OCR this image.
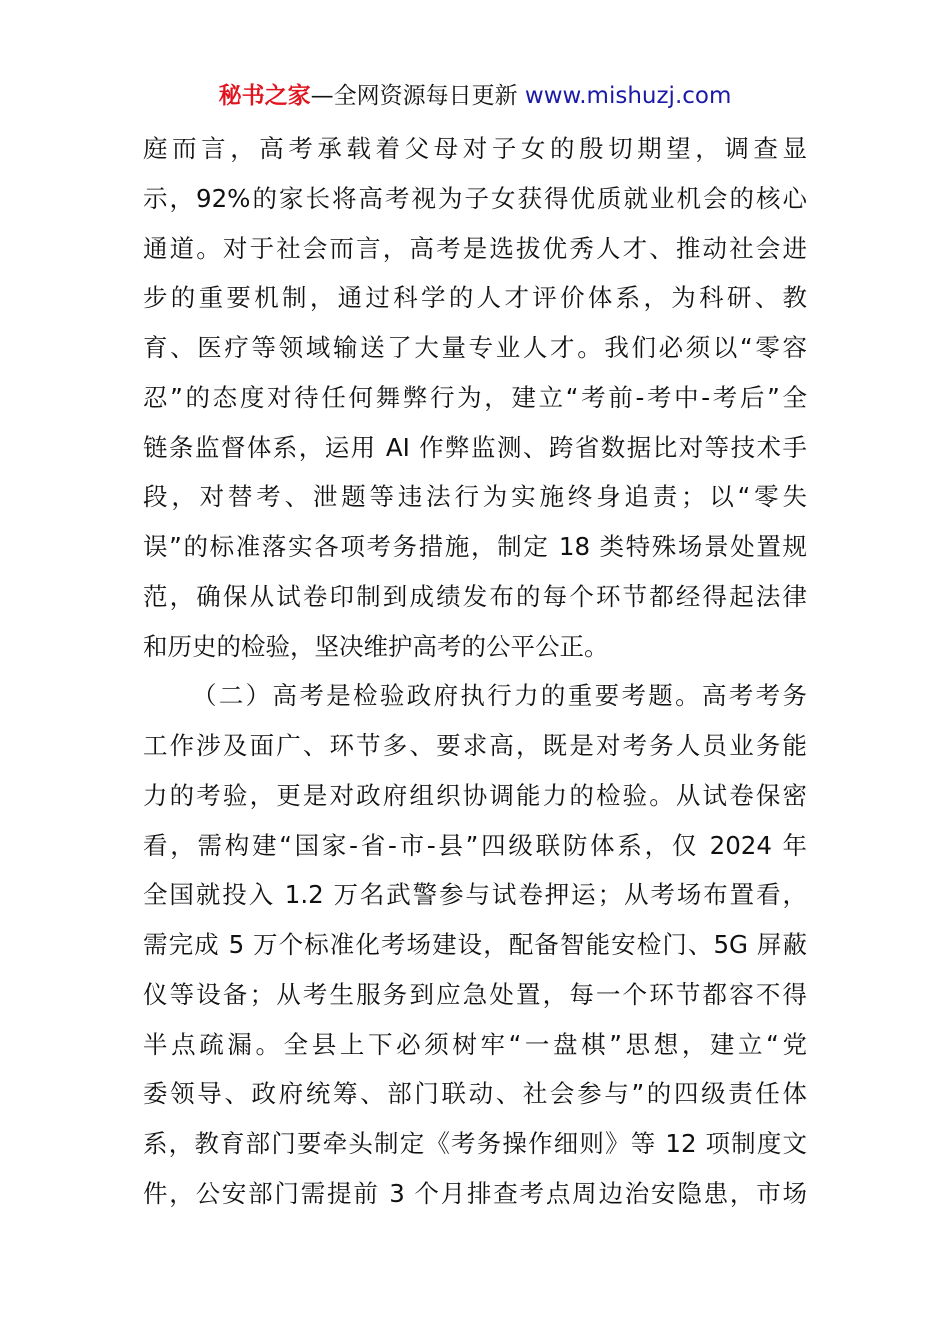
秘书之家—全网资源每日更新 www.mishuzj.com
庭而言，高考承载着父母对子女的殷切期望，调查显
示，92%的家长将高考视为子女获得优质就业机会的核心
通道。对于社会而言，高考是选拔优秀人才、推动社会进
步的重要机制，通过科学的人才评价体系，为科研、教
育、医疗等领域输送了大量专业人才。我们必须以“零容
忍”的态度对待任何舞弊行为，建立“考前-考中-考后”全
链条监督体系，运用 AI 作弊监测、跨省数据比对等技术手
段，对替考、泄题等违法行为实施终身追责；以“零失
误”的标准落实各项考务措施，制定 18 类特殊场景处置规
范，确保从试卷印制到成绩发布的每个环节都经得起法律
和历史的检验，坚决维护高考的公平公正。
（二）高考是检验政府执行力的重要考题。高考考务
工作涉及面广、环节多、要求高，既是对考务人员业务能
力的考验，更是对政府组织协调能力的检验。从试卷保密
看，需构建“国家-省-市-县”四级联防体系，仅 2024 年
全国就投入 1.2 万名武警参与试卷押运；从考场布置看，
需完成 5 万个标准化考场建设，配备智能安检门、5G 屏蔽
仪等设备；从考生服务到应急处置，每一个环节都容不得
半点疏漏。全县上下必须树牢“一盘棋”思想，建立“党
委领导、政府统筹、部门联动、社会参与”的四级责任体
系，教育部门要牵头制定《考务操作细则》等 12 项制度文
件，公安部门需提前 3 个月排查考点周边治安隐患，市场
